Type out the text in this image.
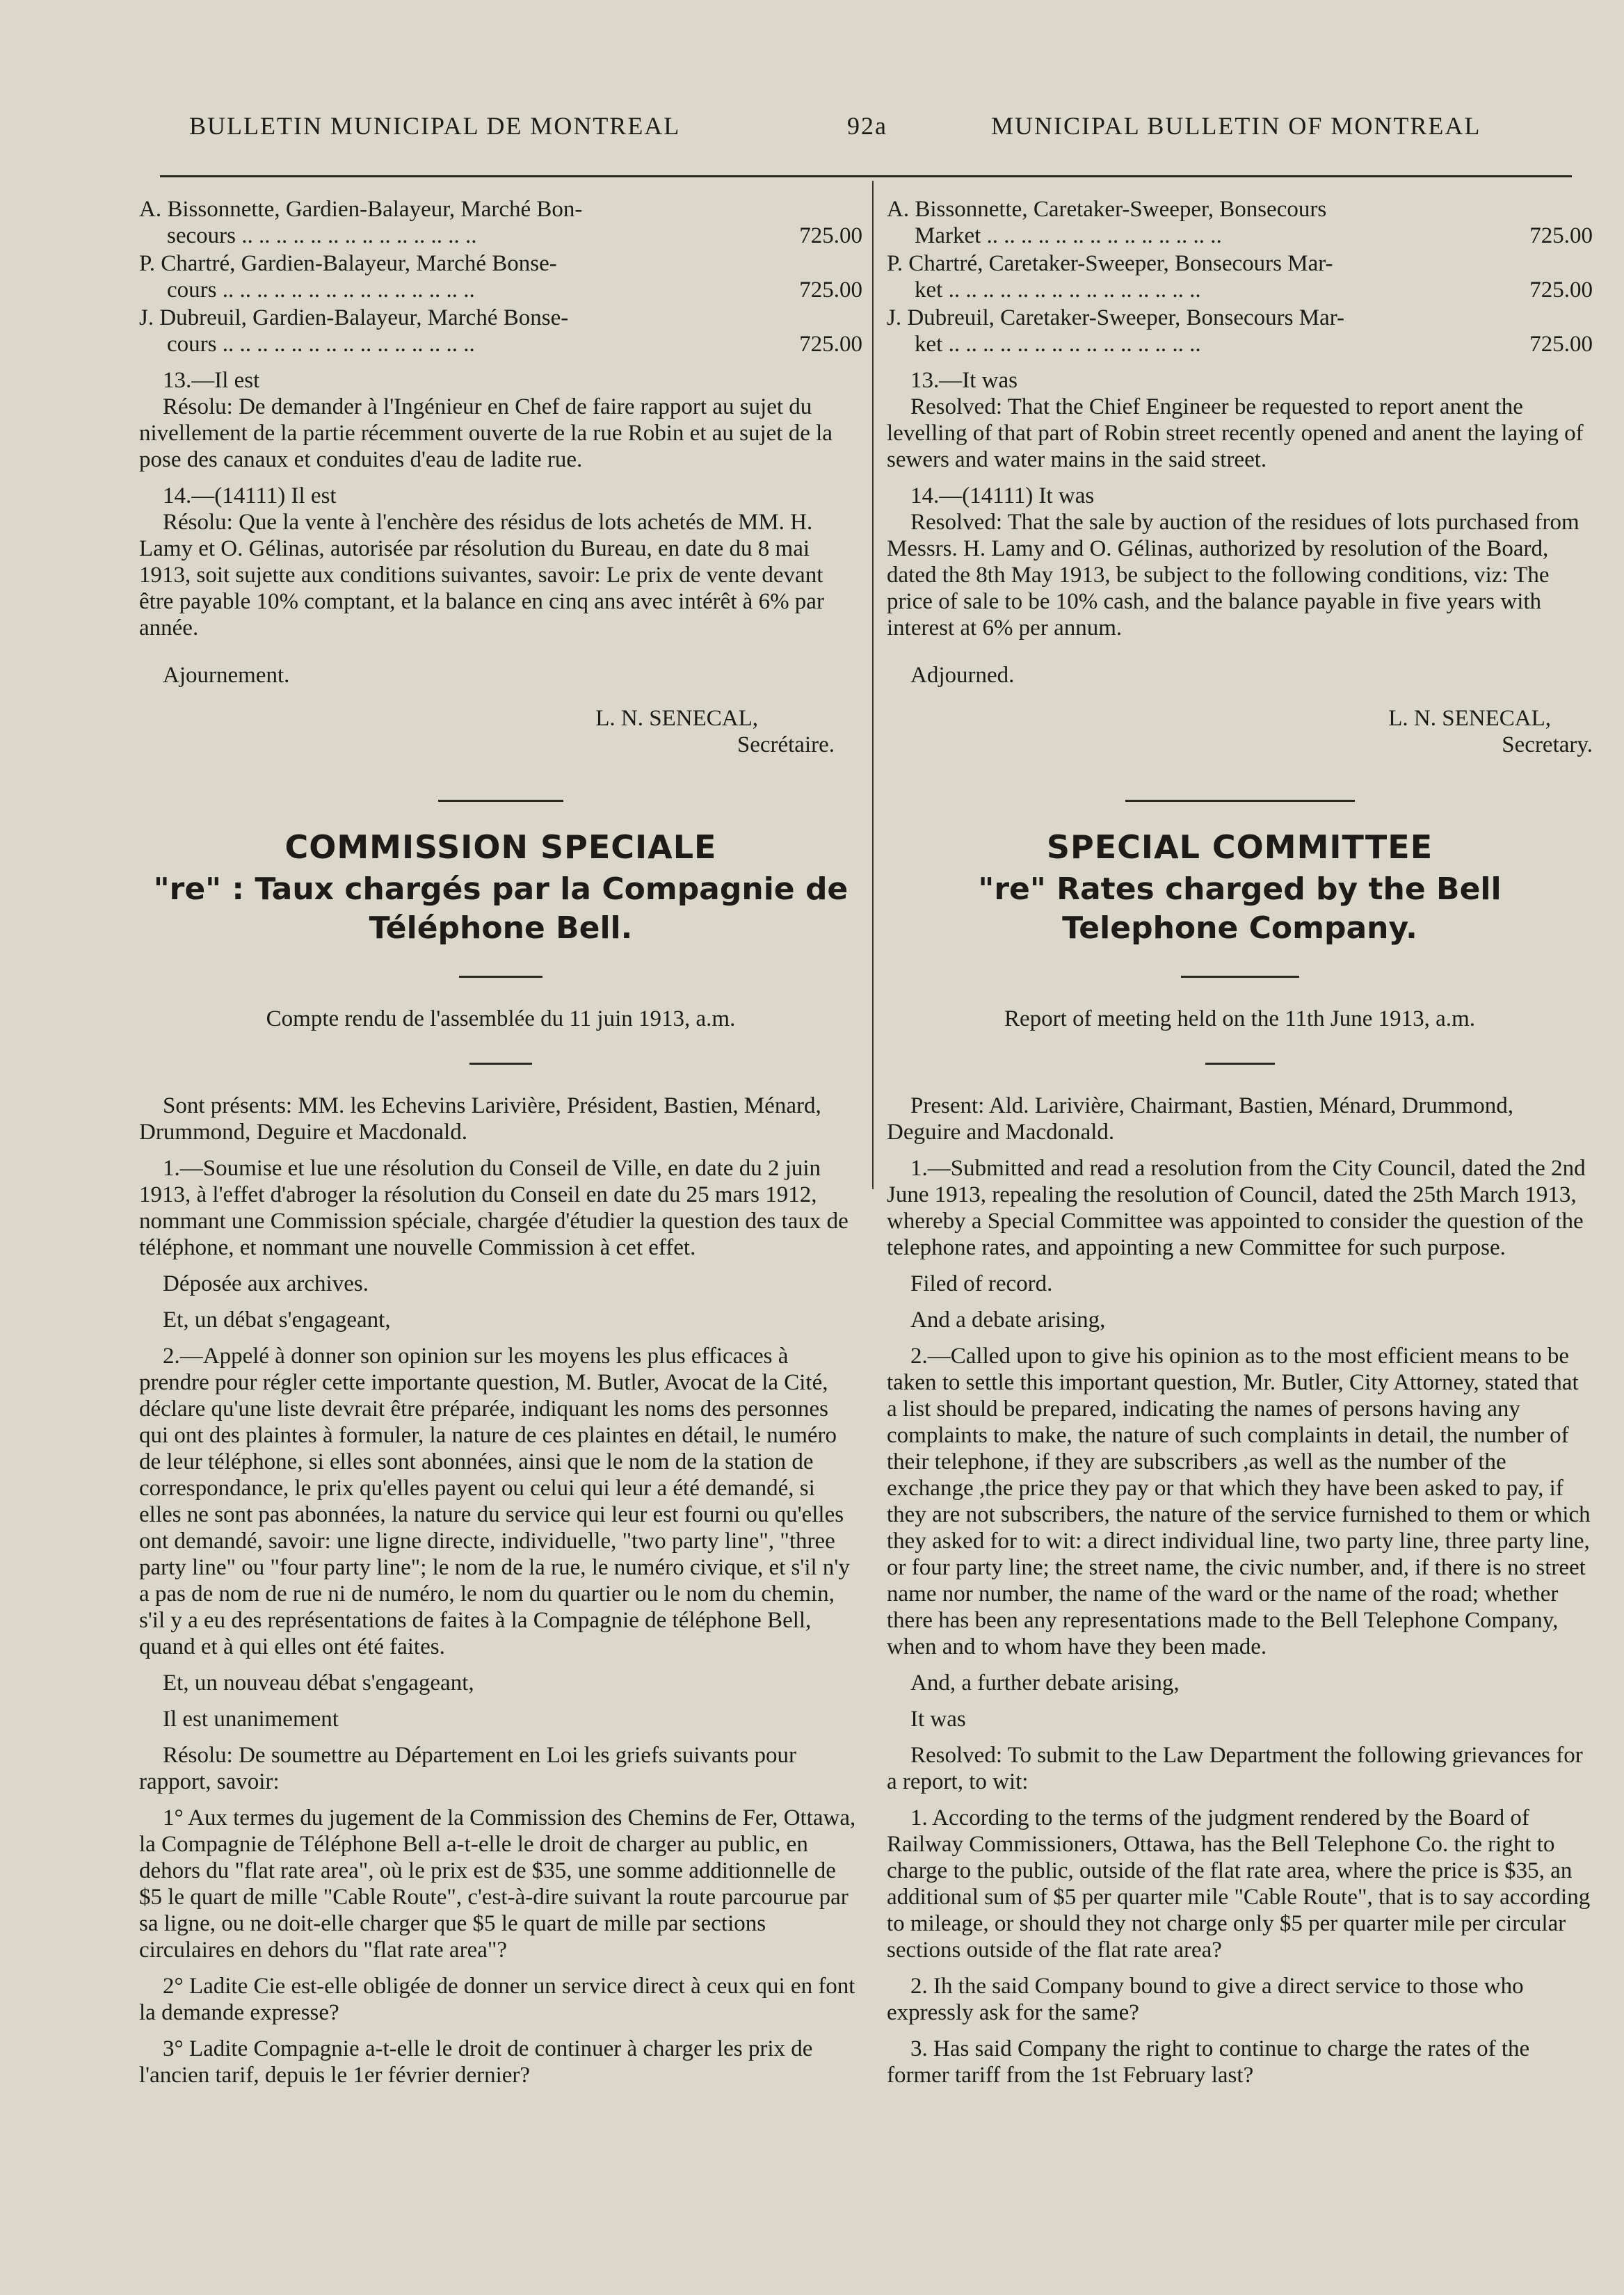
BULLETIN MUNICIPAL DE MONTREAL	92a	MUNICIPAL BULLETIN OF MONTREAL
A. Bissonnette, Gardien-Balayeur, Marché Bon-
secours .. .. .. .. .. .. .. .. .. .. .. .. .. ..	725.00
P. Chartré, Gardien-Balayeur, Marché Bonse-
cours .. .. .. .. .. .. .. .. .. .. .. .. .. .. ..	725.00
J. Dubreuil, Gardien-Balayeur, Marché Bonse-
cours .. .. .. .. .. .. .. .. .. .. .. .. .. .. ..	725.00

13.—Il est

Résolu: De demander à l'Ingénieur en Chef de faire rapport au sujet du nivellement de la partie récemment ouverte de la rue Robin et au sujet de la pose des canaux et conduites d'eau de ladite rue.

14.—(14111) Il est

Résolu: Que la vente à l'enchère des résidus de lots achetés de MM. H. Lamy et O. Gélinas, autorisée par résolution du Bureau, en date du 8 mai 1913, soit sujette aux conditions suivantes, savoir: Le prix de vente devant être payable 10% comptant, et la balance en cinq ans avec intérêt à 6% par année.

Ajournement.

L. N. SENECAL,
Secrétaire.
COMMISSION SPECIALE
"re" : Taux chargés par la Compagnie de Téléphone Bell.
Compte rendu de l'assemblée du 11 juin 1913, a.m.

Sont présents: MM. les Echevins Larivière, Président, Bastien, Ménard, Drummond, Deguire et Macdonald.

1.—Soumise et lue une résolution du Conseil de Ville, en date du 2 juin 1913, à l'effet d'abroger la résolution du Conseil en date du 25 mars 1912, nommant une Commission spéciale, chargée d'étudier la question des taux de téléphone, et nommant une nouvelle Commission à cet effet.

Déposée aux archives.

Et, un débat s'engageant,

2.—Appelé à donner son opinion sur les moyens les plus efficaces à prendre pour régler cette importante question, M. Butler, Avocat de la Cité, déclare qu'une liste devrait être préparée, indiquant les noms des personnes qui ont des plaintes à formuler, la nature de ces plaintes en détail, le numéro de leur téléphone, si elles sont abonnées, ainsi que le nom de la station de correspondance, le prix qu'elles payent ou celui qui leur a été demandé, si elles ne sont pas abonnées, la nature du service qui leur est fourni ou qu'elles ont demandé, savoir: une ligne directe, individuelle, "two party line", "three party line" ou "four party line"; le nom de la rue, le numéro civique, et s'il n'y a pas de nom de rue ni de numéro, le nom du quartier ou le nom du chemin, s'il y a eu des représentations de faites à la Compagnie de téléphone Bell, quand et à qui elles ont été faites.

Et, un nouveau débat s'engageant,

Il est unanimement

Résolu: De soumettre au Département en Loi les griefs suivants pour rapport, savoir:

1° Aux termes du jugement de la Commission des Chemins de Fer, Ottawa, la Compagnie de Téléphone Bell a-t-elle le droit de charger au public, en dehors du "flat rate area", où le prix est de $35, une somme additionnelle de $5 le quart de mille "Cable Route", c'est-à-dire suivant la route parcourue par sa ligne, ou ne doit-elle charger que $5 le quart de mille par sections circulaires en dehors du "flat rate area"?

2° Ladite Cie est-elle obligée de donner un service direct à ceux qui en font la demande expresse?

3° Ladite Compagnie a-t-elle le droit de continuer à charger les prix de l'ancien tarif, depuis le 1er février dernier?

A. Bissonnette, Caretaker-Sweeper, Bonsecours
Market .. .. .. .. .. .. .. .. .. .. .. .. .. ..	725.00
P. Chartré, Caretaker-Sweeper, Bonsecours Mar-
ket .. .. .. .. .. .. .. .. .. .. .. .. .. .. ..	725.00
J. Dubreuil, Caretaker-Sweeper, Bonsecours Mar-
ket .. .. .. .. .. .. .. .. .. .. .. .. .. .. ..	725.00

13.—It was

Resolved: That the Chief Engineer be requested to report anent the levelling of that part of Robin street recently opened and anent the laying of sewers and water mains in the said street.

14.—(14111) It was

Resolved: That the sale by auction of the residues of lots purchased from Messrs. H. Lamy and O. Gélinas, authorized by resolution of the Board, dated the 8th May 1913, be subject to the following conditions, viz: The price of sale to be 10% cash, and the balance payable in five years with interest at 6% per annum.

Adjourned.

L. N. SENECAL,
Secretary.
SPECIAL COMMITTEE
"re" Rates charged by the Bell Telephone Company.
Report of meeting held on the 11th June 1913, a.m.

Present: Ald. Larivière, Chairmant, Bastien, Ménard, Drummond, Deguire and Macdonald.

1.—Submitted and read a resolution from the City Council, dated the 2nd June 1913, repealing the resolution of Council, dated the 25th March 1913, whereby a Special Committee was appointed to consider the question of the telephone rates, and appointing a new Committee for such purpose.

Filed of record.

And a debate arising,

2.—Called upon to give his opinion as to the most efficient means to be taken to settle this important question, Mr. Butler, City Attorney, stated that a list should be prepared, indicating the names of persons having any complaints to make, the nature of such complaints in detail, the number of their telephone, if they are subscribers ,as well as the number of the exchange ,the price they pay or that which they have been asked to pay, if they are not subscribers, the nature of the service furnished to them or which they asked for to wit: a direct individual line, two party line, three party line, or four party line; the street name, the civic number, and, if there is no street name nor number, the name of the ward or the name of the road; whether there has been any representations made to the Bell Telephone Company, when and to whom have they been made.

And, a further debate arising,

It was

Resolved: To submit to the Law Department the following grievances for a report, to wit:

1. According to the terms of the judgment rendered by the Board of Railway Commissioners, Ottawa, has the Bell Telephone Co. the right to charge to the public, outside of the flat rate area, where the price is $35, an additional sum of $5 per quarter mile "Cable Route", that is to say according to mileage, or should they not charge only $5 per quarter mile per circular sections outside of the flat rate area?

2. Ih the said Company bound to give a direct service to those who expressly ask for the same?

3. Has said Company the right to continue to charge the rates of the former tariff from the 1st February last?
